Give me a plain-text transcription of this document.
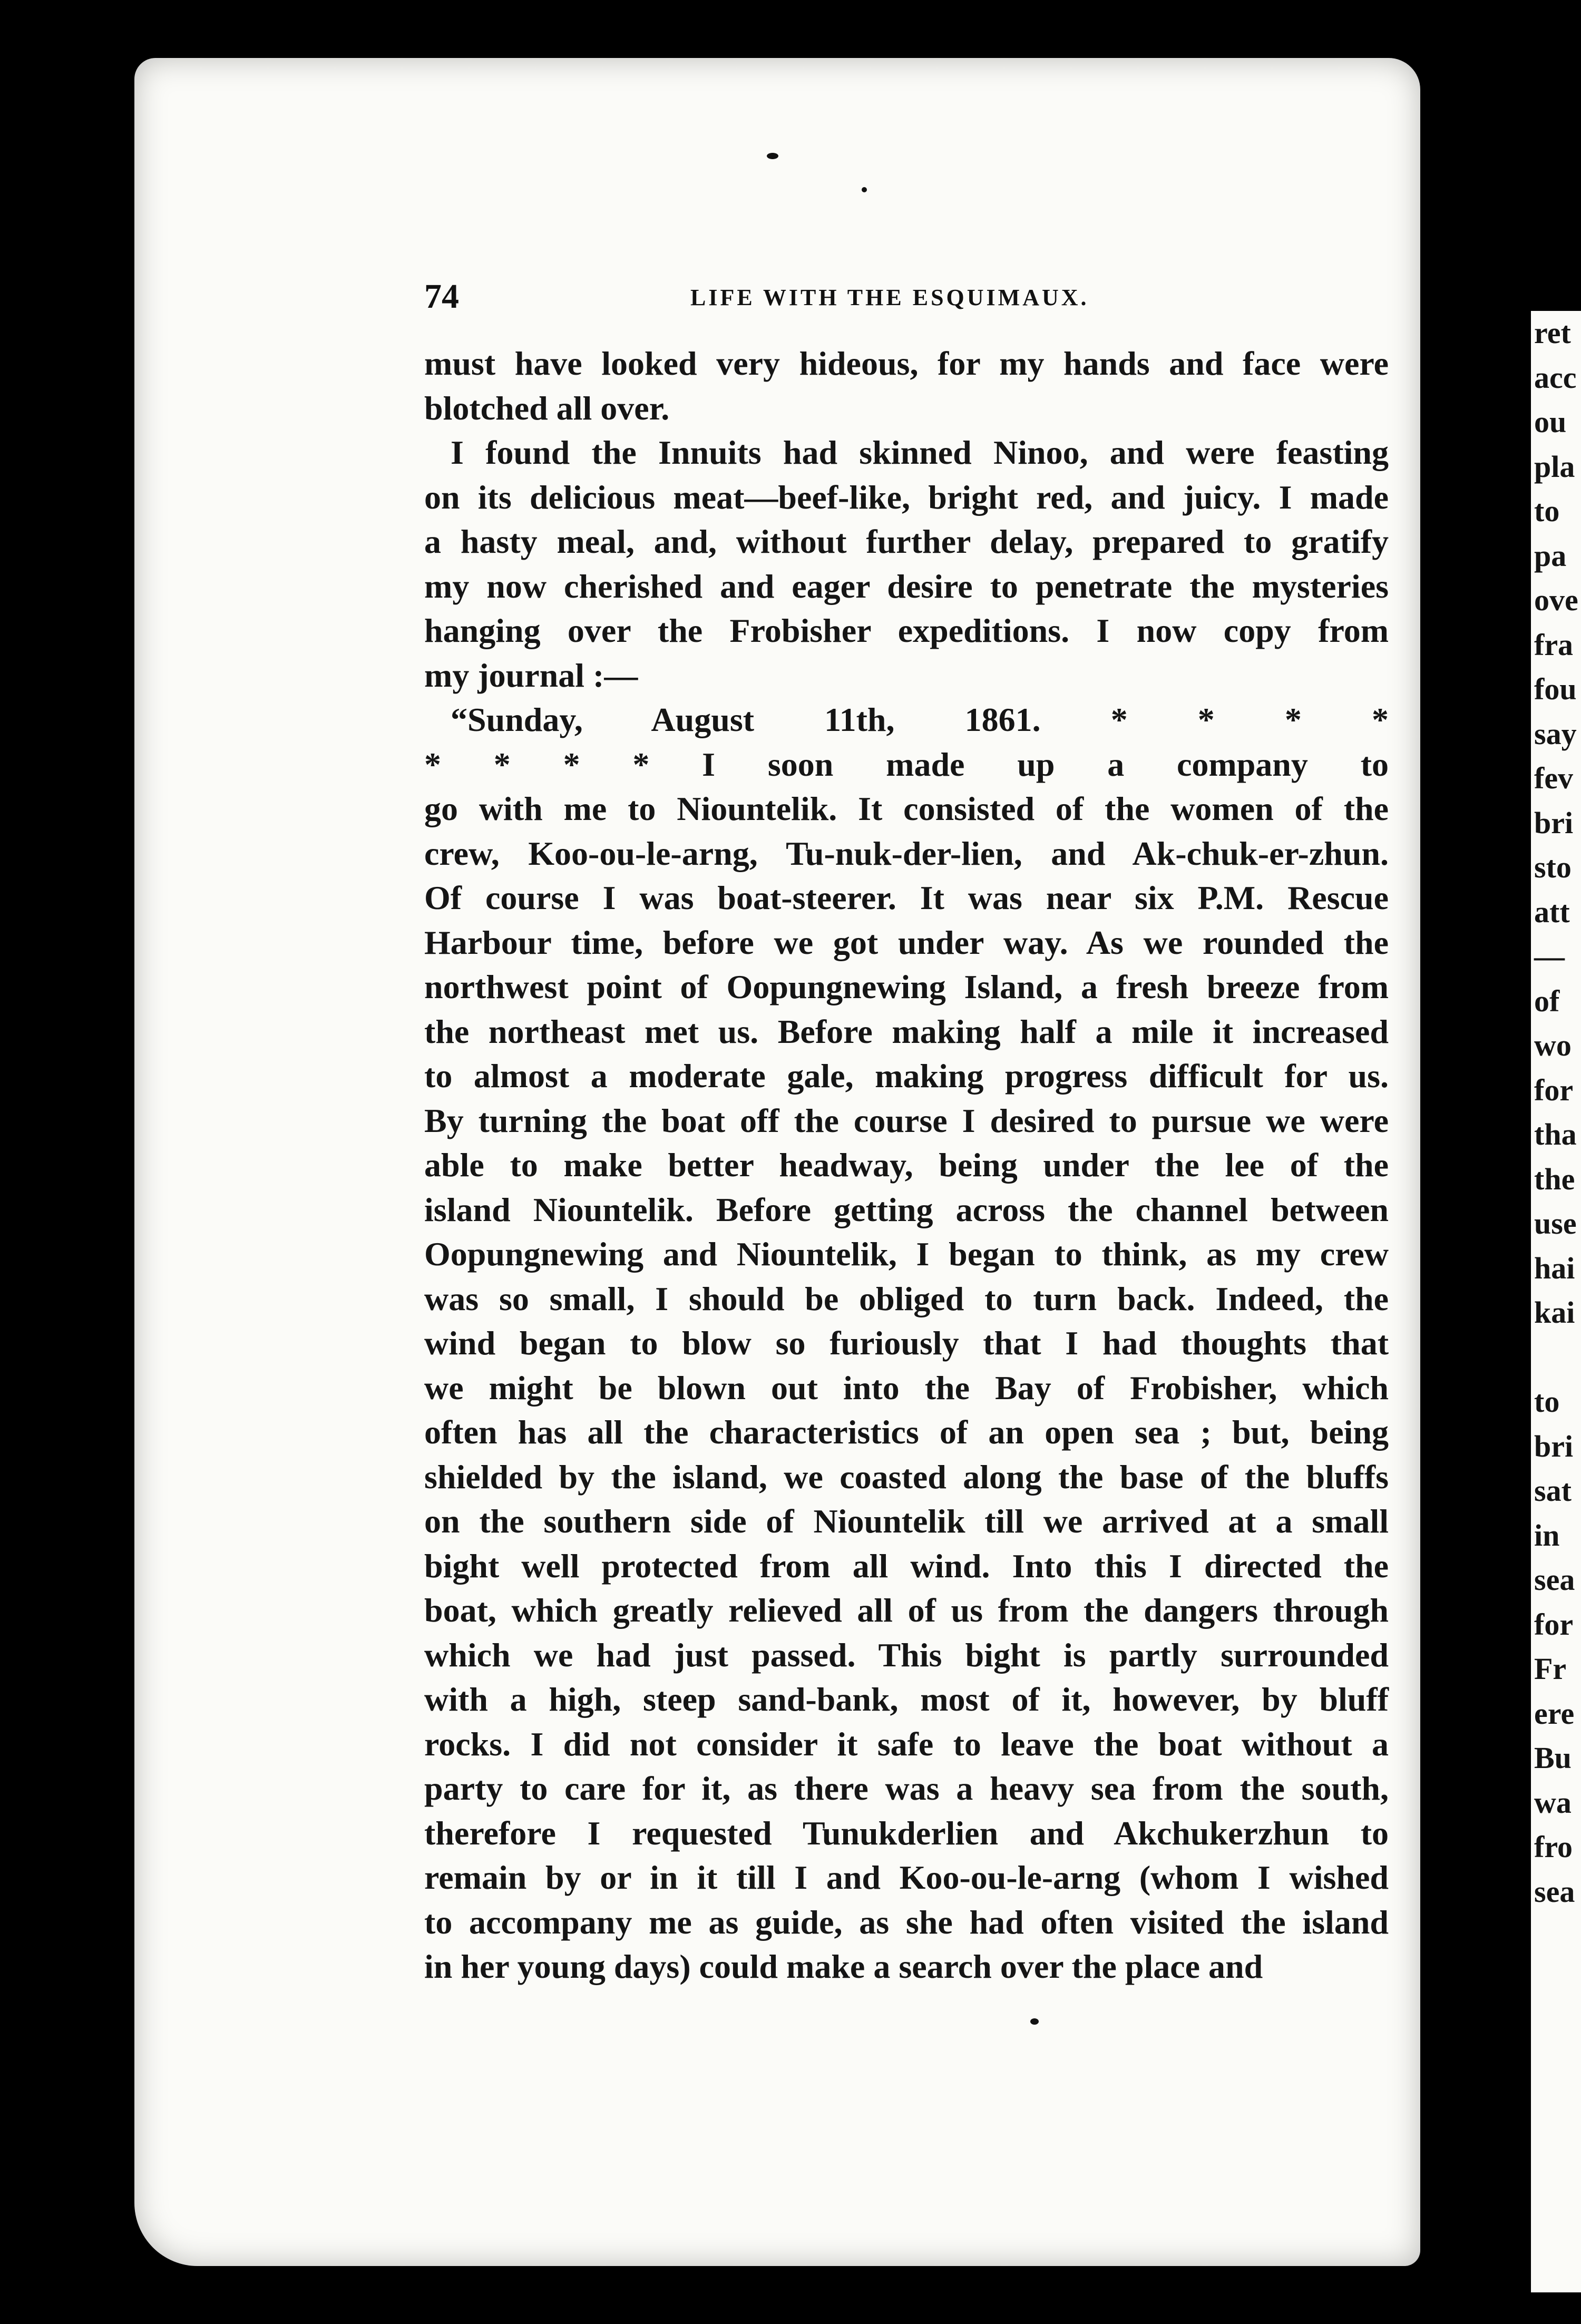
74	LIFE WITH THE ESQUIMAUX.
must have looked very hideous, for my hands and face were
blotched all over.
I found the Innuits had skinned Ninoo, and were feasting
on its delicious meat—beef-like, bright red, and juicy. I made
a hasty meal, and, without further delay, prepared to gratify
my now cherished and eager desire to penetrate the mysteries
hanging over the Frobisher expeditions. I now copy from
my journal :—
“Sunday, August 11th, 1861. * * * *
* * * * I soon made up a company to
go with me to Niountelik. It consisted of the women of the
crew, Koo-ou-le-arng, Tu-nuk-der-lien, and Ak-chuk-er-zhun.
Of course I was boat-steerer. It was near six P.M. Rescue
Harbour time, before we got under way. As we rounded the
northwest point of Oopungnewing Island, a fresh breeze from
the northeast met us. Before making half a mile it increased
to almost a moderate gale, making progress difficult for us.
By turning the boat off the course I desired to pursue we were
able to make better headway, being under the lee of the
island Niountelik. Before getting across the channel between
Oopungnewing and Niountelik, I began to think, as my crew
was so small, I should be obliged to turn back. Indeed, the
wind began to blow so furiously that I had thoughts that
we might be blown out into the Bay of Frobisher, which
often has all the characteristics of an open sea ; but, being
shielded by the island, we coasted along the base of the bluffs
on the southern side of Niountelik till we arrived at a small
bight well protected from all wind. Into this I directed the
boat, which greatly relieved all of us from the dangers through
which we had just passed. This bight is partly surrounded
with a high, steep sand-bank, most of it, however, by bluff
rocks. I did not consider it safe to leave the boat without a
party to care for it, as there was a heavy sea from the south,
therefore I requested Tunukderlien and Akchukerzhun to
remain by or in it till I and Koo-ou-le-arng (whom I wished
to accompany me as guide, as she had often visited the island
in her young days) could make a search over the place and
ret
acc
ou
pla
to
pa
ove
fra
fou
say
fev
bri
sto
att
—
of
wo
for
tha
the
use
hai
kai
to
bri
sat
in
sea
for
Fr
ere
Bu
wa
fro
sea
